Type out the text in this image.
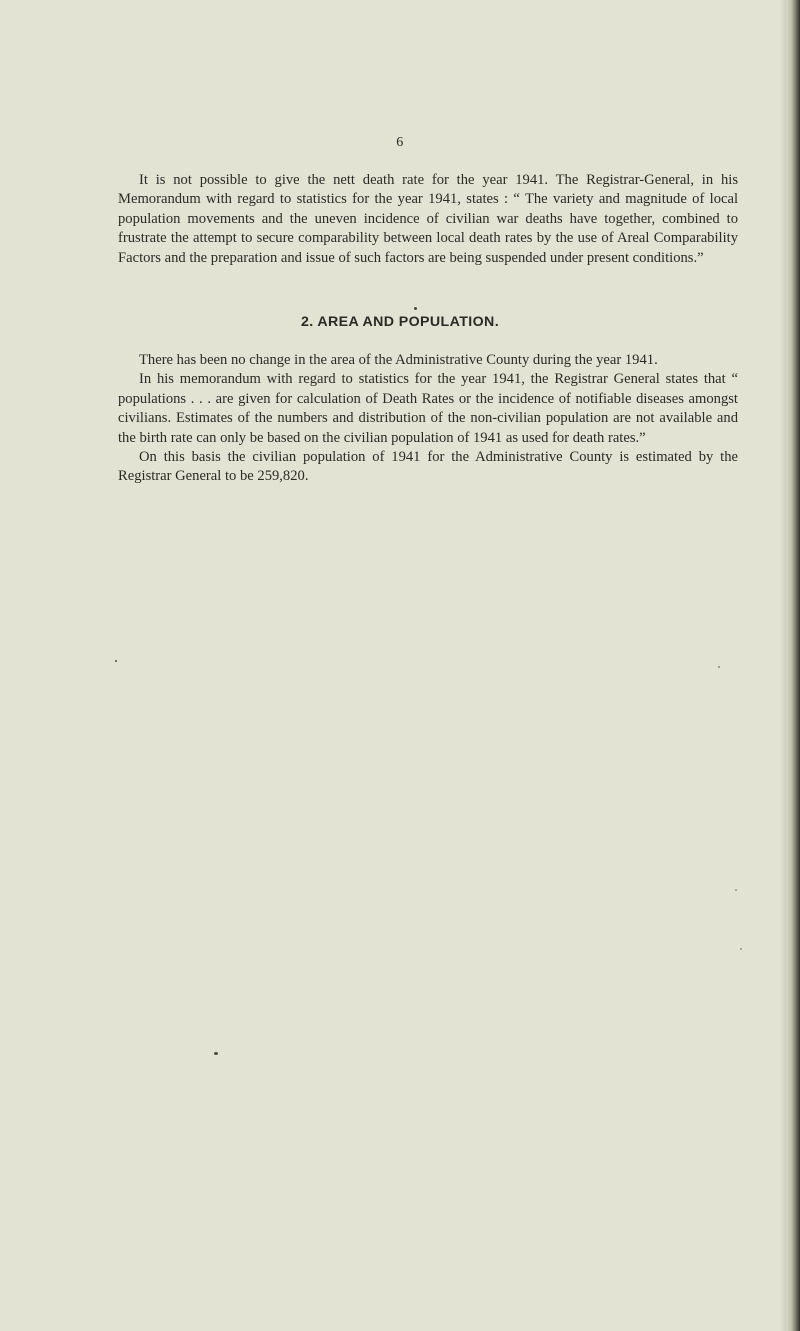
6

It is not possible to give the nett death rate for the year 1941. The Registrar-General, in his Memorandum with regard to statistics for the year 1941, states : “ The variety and magnitude of local population movements and the uneven incidence of civilian war deaths have together, combined to frustrate the attempt to secure comparability between local death rates by the use of Areal Comparability Factors and the preparation and issue of such factors are being suspended under present conditions.”

2. AREA AND POPULATION.

There has been no change in the area of the Administrative County during the year 1941.

In his memorandum with regard to statistics for the year 1941, the Registrar General states that “ populations . . . are given for calculation of Death Rates or the incidence of notifiable diseases amongst civilians. Estimates of the numbers and distribution of the non-civilian population are not available and the birth rate can only be based on the civilian population of 1941 as used for death rates.”

On this basis the civilian population of 1941 for the Administrative County is estimated by the Registrar General to be 259,820.
